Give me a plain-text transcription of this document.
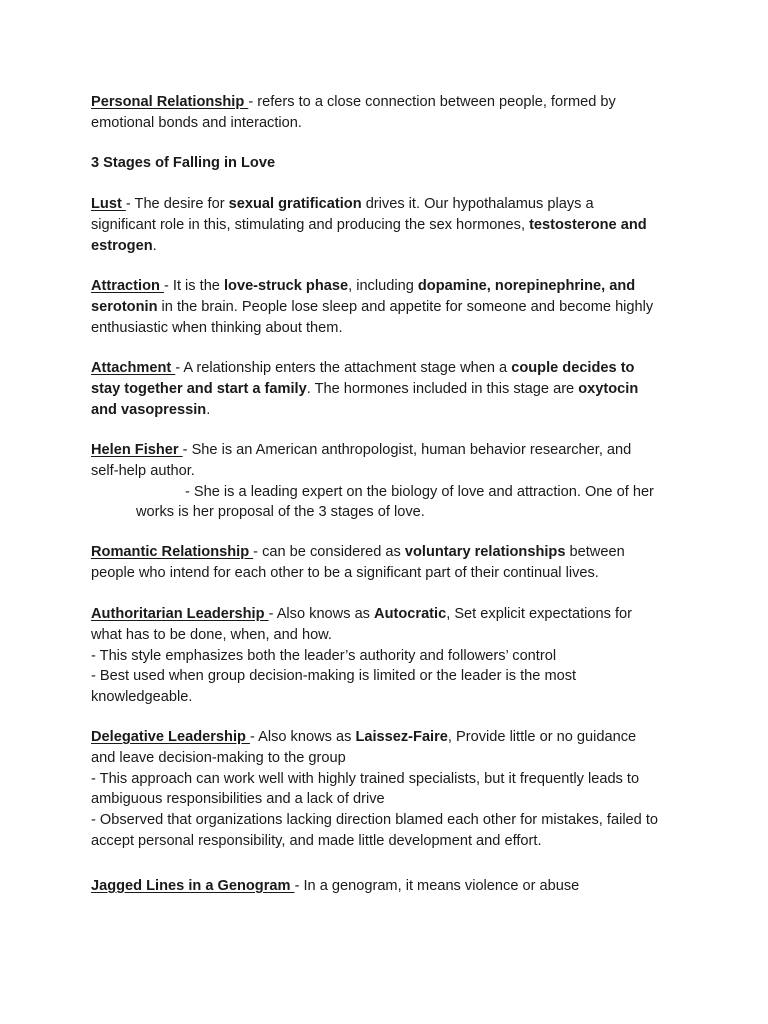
Personal Relationship - refers to a close connection between people, formed by
emotional bonds and interaction.
3 Stages of Falling in Love
Lust - The desire for sexual gratification drives it. Our hypothalamus plays a
significant role in this, stimulating and producing the sex hormones, testosterone and
estrogen.
Attraction - It is the love-struck phase, including dopamine, norepinephrine, and
serotonin in the brain. People lose sleep and appetite for someone and become highly
enthusiastic when thinking about them.
Attachment - A relationship enters the attachment stage when a couple decides to
stay together and start a family. The hormones included in this stage are oxytocin
and vasopressin.
Helen Fisher - She is an American anthropologist, human behavior researcher, and
self-help author.
- She is a leading expert on the biology of love and attraction. One of her
works is her proposal of the 3 stages of love.
Romantic Relationship - can be considered as voluntary relationships between
people who intend for each other to be a significant part of their continual lives.
Authoritarian Leadership - Also knows as Autocratic, Set explicit expectations for
what has to be done, when, and how.
- This style emphasizes both the leader’s authority and followers’ control
- Best used when group decision-making is limited or the leader is the most
knowledgeable.
Delegative Leadership - Also knows as Laissez-Faire, Provide little or no guidance
and leave decision-making to the group
- This approach can work well with highly trained specialists, but it frequently leads to
ambiguous responsibilities and a lack of drive
- Observed that organizations lacking direction blamed each other for mistakes, failed to
accept personal responsibility, and made little development and effort.
Jagged Lines in a Genogram - In a genogram, it means violence or abuse
